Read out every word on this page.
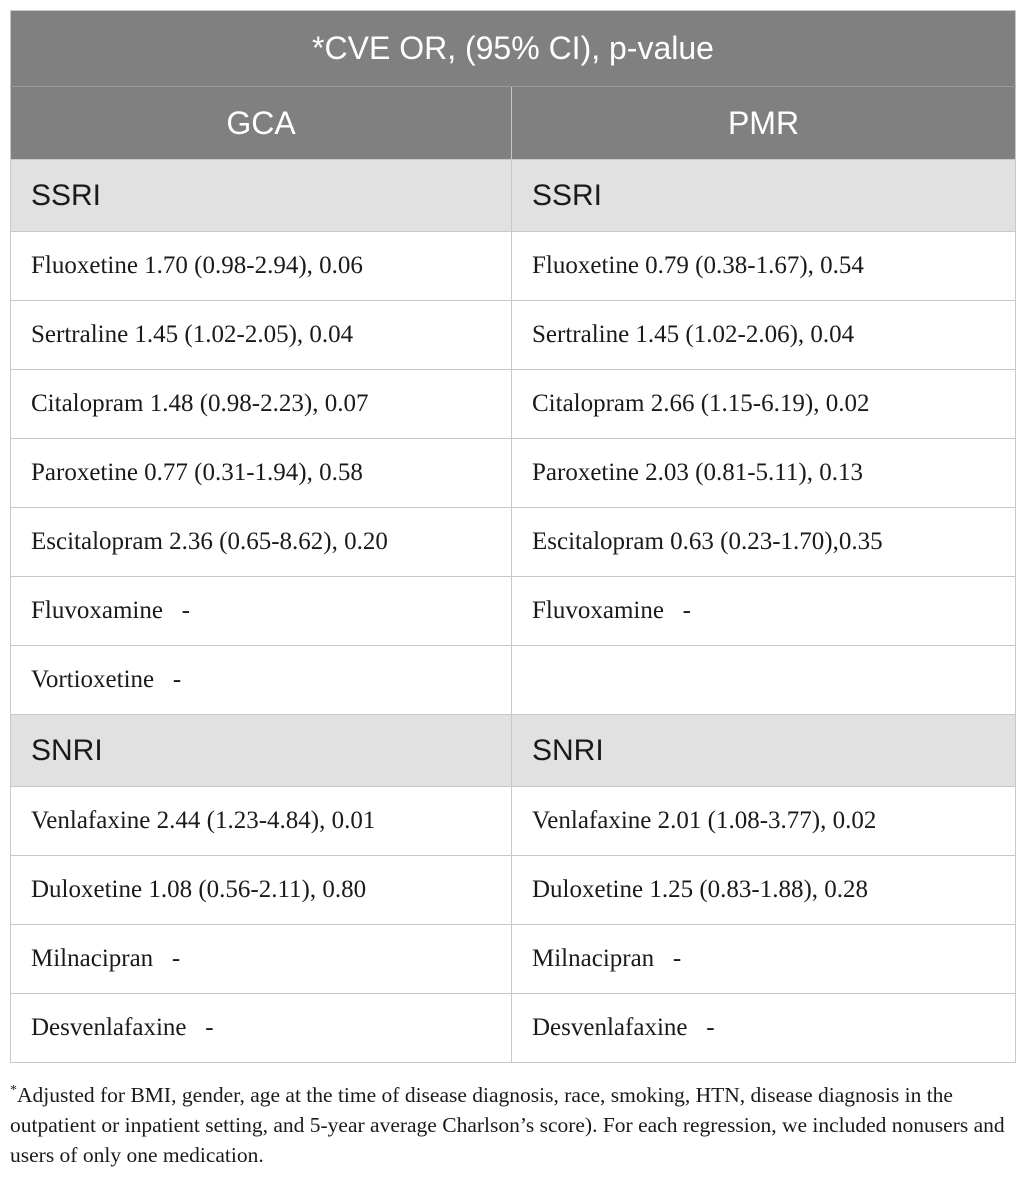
*CVE OR, (95% CI), p-value	
GCA	PMR
SSRI	SSRI
Fluoxetine 1.70 (0.98-2.94), 0.06	Fluoxetine 0.79 (0.38-1.67), 0.54
Sertraline 1.45 (1.02-2.05), 0.04	Sertraline 1.45 (1.02-2.06), 0.04
Citalopram 1.48 (0.98-2.23), 0.07	Citalopram 2.66 (1.15-6.19), 0.02
Paroxetine 0.77 (0.31-1.94), 0.58	Paroxetine 2.03 (0.81-5.11), 0.13
Escitalopram 2.36 (0.65-8.62), 0.20	Escitalopram 0.63 (0.23-1.70),0.35
Fluvoxamine   -	Fluvoxamine   -
Vortioxetine   -	
SNRI	SNRI
Venlafaxine 2.44 (1.23-4.84), 0.01	Venlafaxine 2.01 (1.08-3.77), 0.02
Duloxetine 1.08 (0.56-2.11), 0.80	Duloxetine 1.25 (0.83-1.88), 0.28
Milnacipran   -	Milnacipran   -
Desvenlafaxine   -	Desvenlafaxine   -
*Adjusted for BMI, gender, age at the time of disease diagnosis, race, smoking, HTN, disease diagnosis in the outpatient or inpatient setting, and 5-year average Charlson’s score). For each regression, we included nonusers and users of only one medication.
